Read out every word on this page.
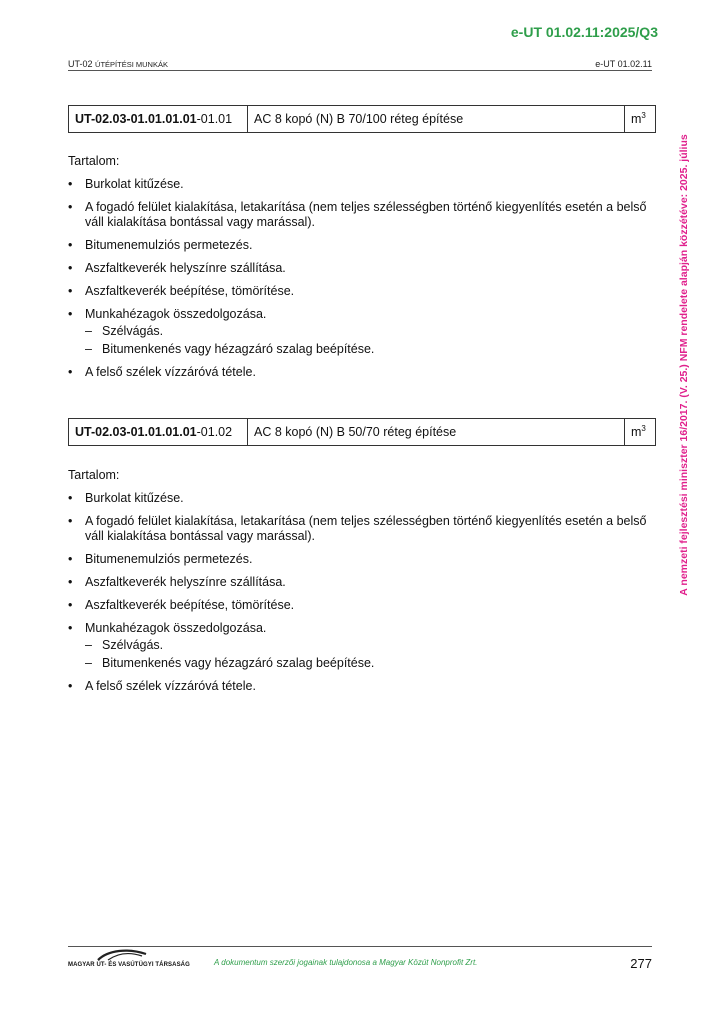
e-UT 01.02.11:2025/Q3
UT-02 ÚTÉPÍTÉSI MUNKÁK	e-UT 01.02.11
A nemzeti fejlesztési miniszter 16/2017. (V. 25.) NFM rendelete alapján közzétéve: 2025. július
UT-02.03-01.01.01.01-01.01	AC 8 kopó (N) B 70/100 réteg építése	$m^3$
Tartalom:
• Burkolat kitűzése.
• A fogadó felület kialakítása, letakarítása (nem teljes szélességben történő kiegyenlítés esetén a belső váll kialakítása bontással vagy marással).
• Bitumenemulziós permetezés.
• Aszfaltkeverék helyszínre szállítása.
• Aszfaltkeverék beépítése, tömörítése.
• Munkahézagok összedolgozása.
– Szélvágás.
– Bitumenkenés vagy hézagzáró szalag beépítése.
• A felső szélek vízzáróvá tétele.
UT-02.03-01.01.01.01-01.02	AC 8 kopó (N) B 50/70 réteg építése	$m^3$
Tartalom:
• Burkolat kitűzése.
• A fogadó felület kialakítása, letakarítása (nem teljes szélességben történő kiegyenlítés esetén a belső váll kialakítása bontással vagy marással).
• Bitumenemulziós permetezés.
• Aszfaltkeverék helyszínre szállítása.
• Aszfaltkeverék beépítése, tömörítése.
• Munkahézagok összedolgozása.
– Szélvágás.
– Bitumenkenés vagy hézagzáró szalag beépítése.
• A felső szélek vízzáróvá tétele.
MAGYAR ÚT- ÉS VASÚTÜGYI TÁRSASÁG	A dokumentum szerzői jogainak tulajdonosa a Magyar Közút Nonprofit Zrt.	277
